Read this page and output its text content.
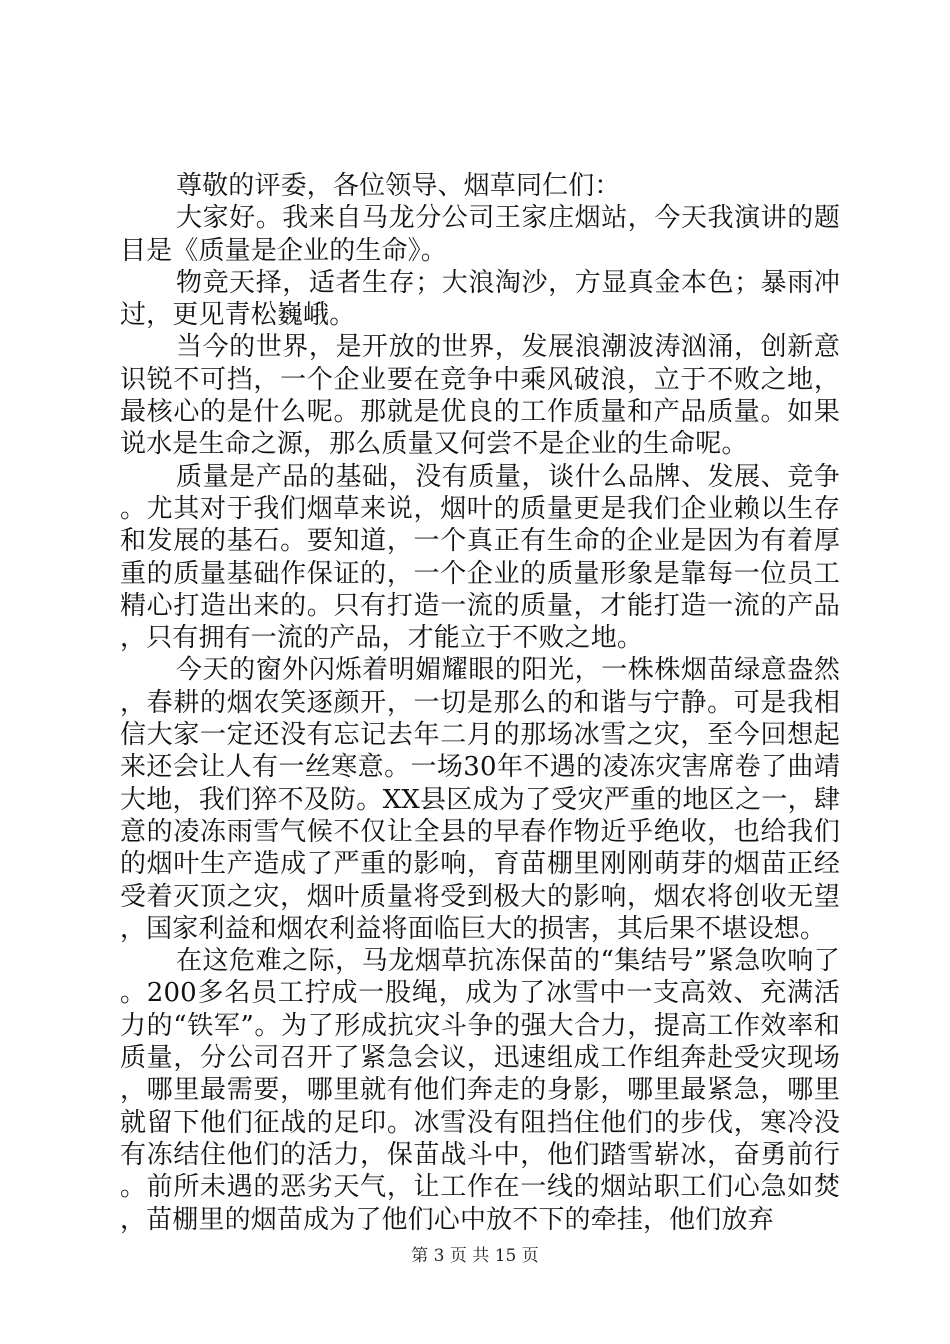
尊敬的评委，各位领导、烟草同仁们：

大家好。我来自马龙分公司王家庄烟站，今天我演讲的题目是《质量是企业的生命》。

物竞天择，适者生存；大浪淘沙，方显真金本色；暴雨冲过，更见青松巍峨。

当今的世界，是开放的世界，发展浪潮波涛汹涌，创新意识锐不可挡，一个企业要在竞争中乘风破浪，立于不败之地，最核心的是什么呢。那就是优良的工作质量和产品质量。如果说水是生命之源，那么质量又何尝不是企业的生命呢。

质量是产品的基础，没有质量，谈什么品牌、发展、竞争。尤其对于我们烟草来说，烟叶的质量更是我们企业赖以生存和发展的基石。要知道，一个真正有生命的企业是因为有着厚重的质量基础作保证的，一个企业的质量形象是靠每一位员工精心打造出来的。只有打造一流的质量，才能打造一流的产品，只有拥有一流的产品，才能立于不败之地。

今天的窗外闪烁着明媚耀眼的阳光，一株株烟苗绿意盎然，春耕的烟农笑逐颜开，一切是那么的和谐与宁静。可是我相信大家一定还没有忘记去年二月的那场冰雪之灾，至今回想起来还会让人有一丝寒意。一场30年不遇的凌冻灾害席卷了曲靖大地，我们猝不及防。XX县区成为了受灾严重的地区之一，肆意的凌冻雨雪气候不仅让全县的早春作物近乎绝收，也给我们的烟叶生产造成了严重的影响，育苗棚里刚刚萌芽的烟苗正经受着灭顶之灾，烟叶质量将受到极大的影响，烟农将创收无望，国家利益和烟农利益将面临巨大的损害，其后果不堪设想。

在这危难之际，马龙烟草抗冻保苗的“集结号”紧急吹响了。200多名员工拧成一股绳，成为了冰雪中一支高效、充满活力的“铁军”。为了形成抗灾斗争的强大合力，提高工作效率和质量，分公司召开了紧急会议，迅速组成工作组奔赴受灾现场，哪里最需要，哪里就有他们奔走的身影，哪里最紧急，哪里就留下他们征战的足印。冰雪没有阻挡住他们的步伐，寒冷没有冻结住他们的活力，保苗战斗中，他们踏雪崭冰，奋勇前行。前所未遇的恶劣天气，让工作在一线的烟站职工们心急如焚，苗棚里的烟苗成为了他们心中放不下的牵挂，他们放弃

第 3 页 共 15 页
